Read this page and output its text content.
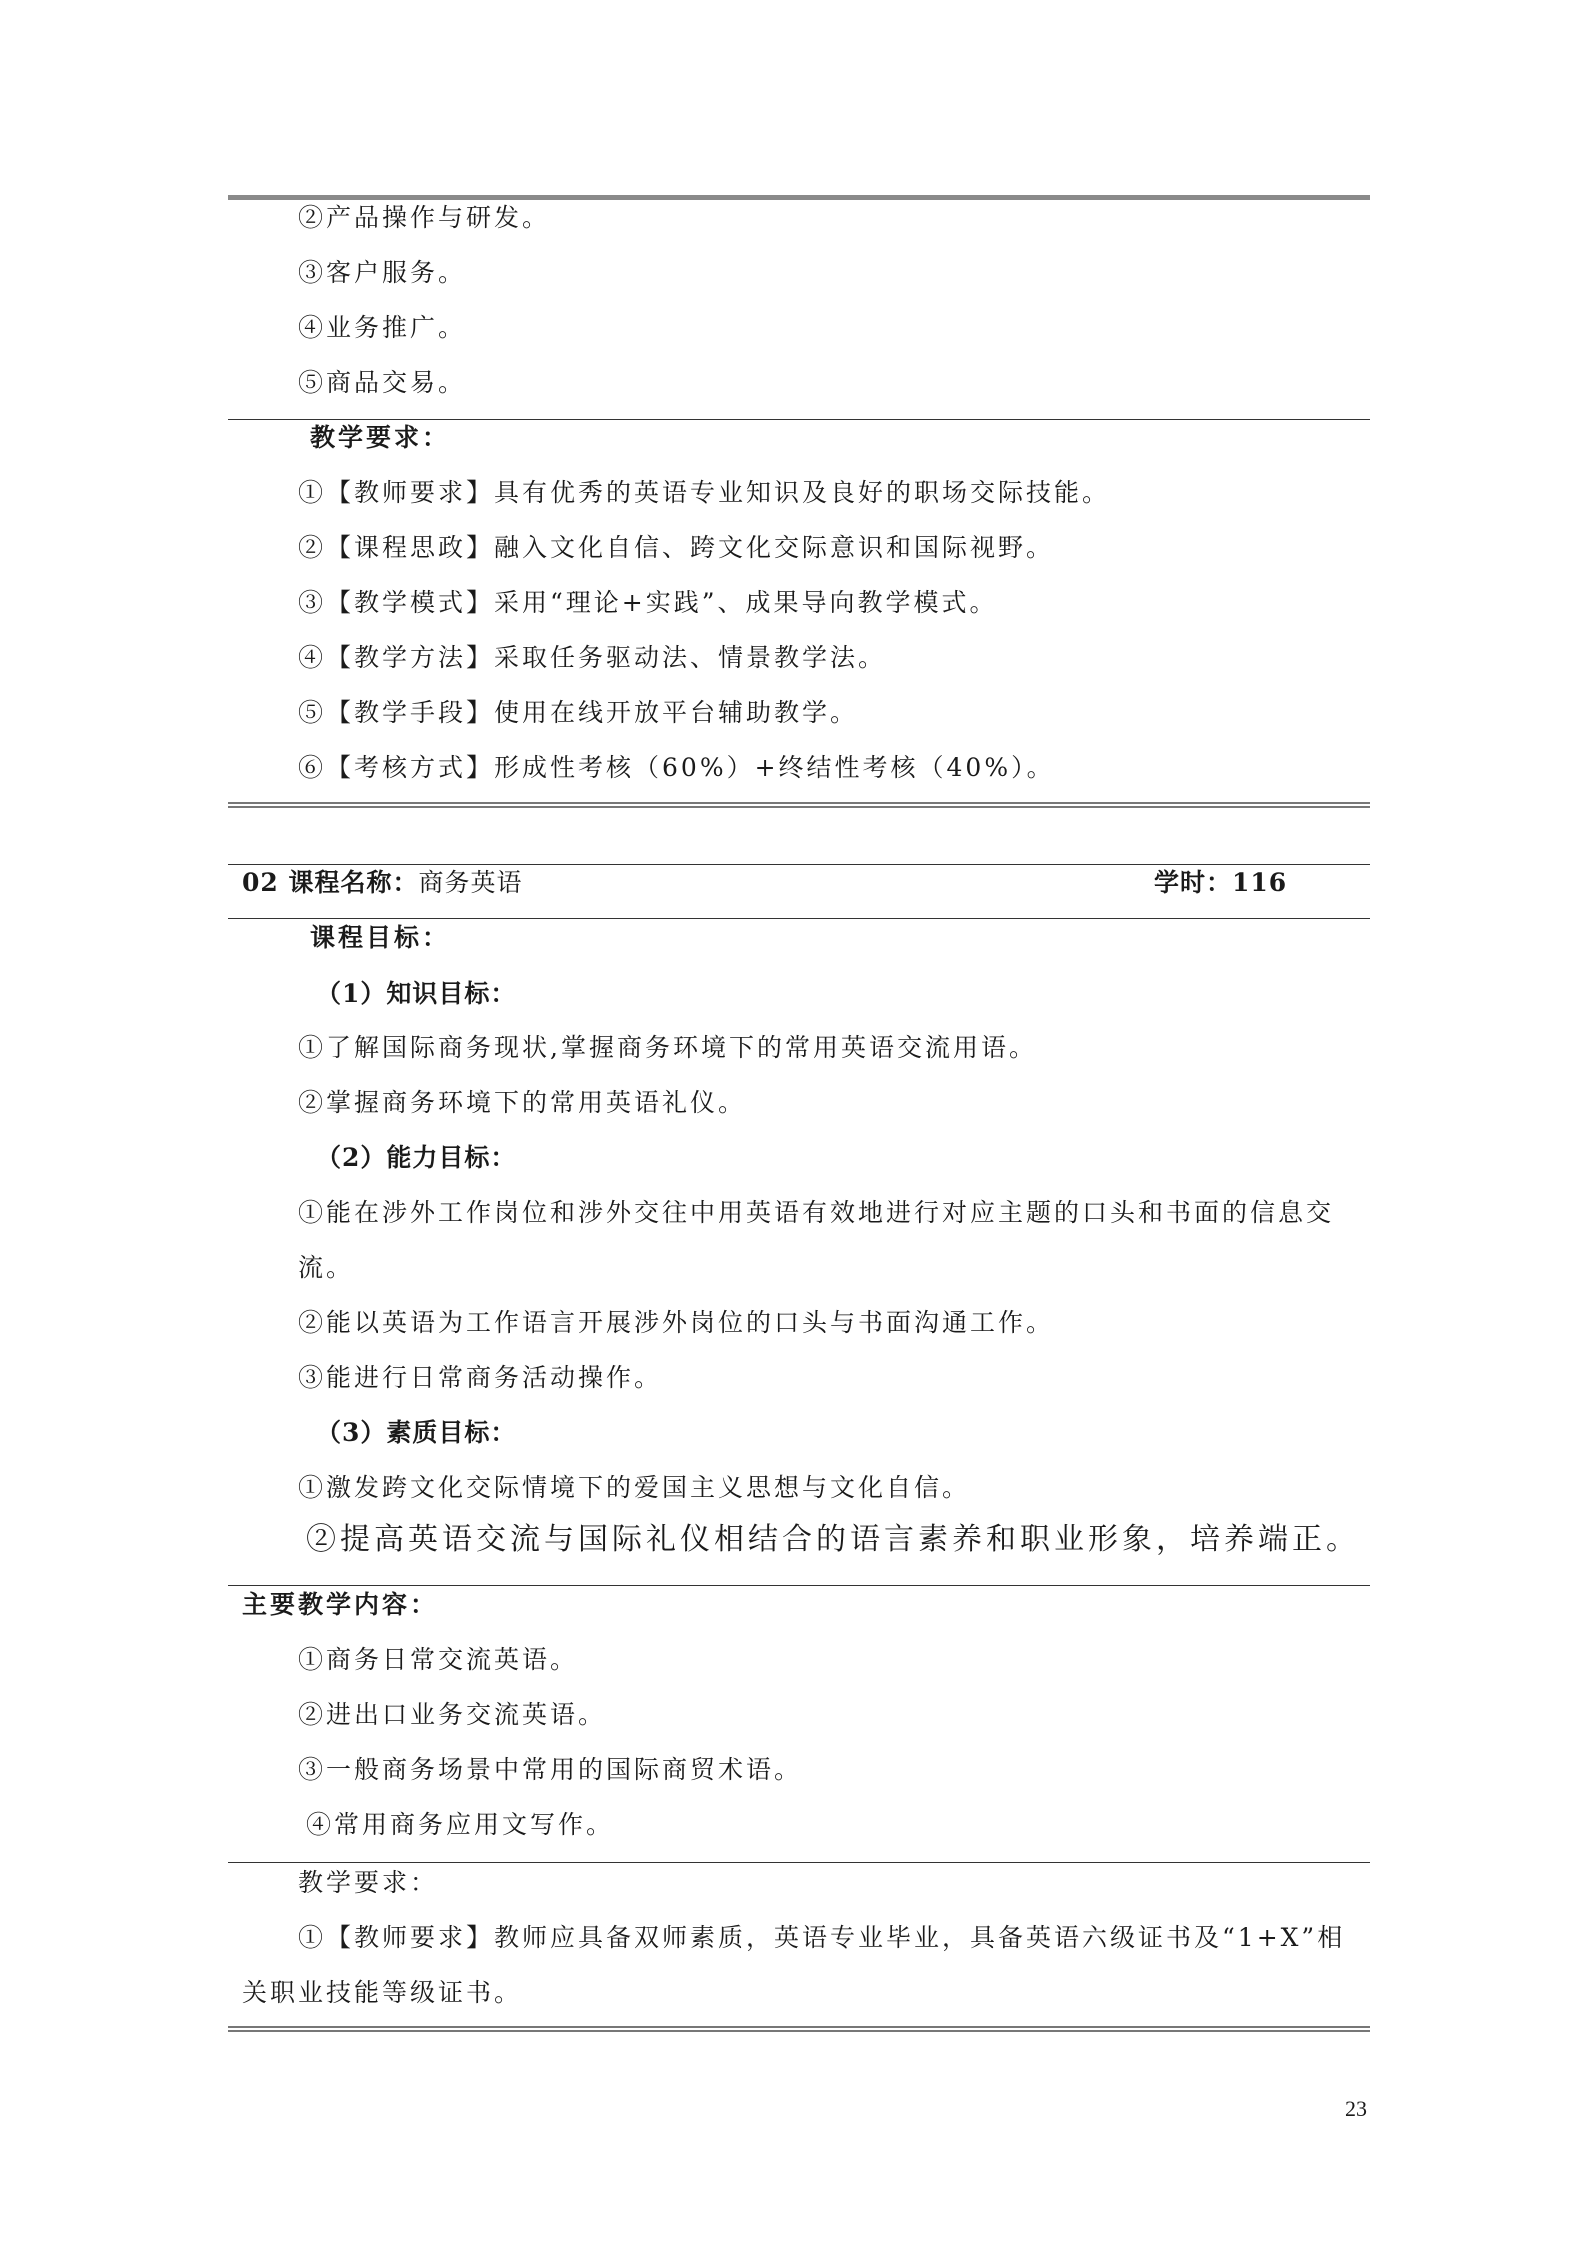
②产品操作与研发。
③客户服务。
④业务推广。
⑤商品交易。
教学要求：
①【教师要求】具有优秀的英语专业知识及良好的职场交际技能。
②【课程思政】融入文化自信、跨文化交际意识和国际视野。
③【教学模式】采用“理论+实践”、成果导向教学模式。
④【教学方法】采取任务驱动法、情景教学法。
⑤【教学手段】使用在线开放平台辅助教学。
⑥【考核方式】形成性考核（60%）+终结性考核（40%）。
02 课程名称：商务英语	学时：116
课程目标：
（1）知识目标：
①了解国际商务现状,掌握商务环境下的常用英语交流用语。
②掌握商务环境下的常用英语礼仪。
（2）能力目标：
①能在涉外工作岗位和涉外交往中用英语有效地进行对应主题的口头和书面的信息交
流。
②能以英语为工作语言开展涉外岗位的口头与书面沟通工作。
③能进行日常商务活动操作。
（3）素质目标：
①激发跨文化交际情境下的爱国主义思想与文化自信。
②提高英语交流与国际礼仪相结合的语言素养和职业形象，培养端正。
主要教学内容：
①商务日常交流英语。
②进出口业务交流英语。
③一般商务场景中常用的国际商贸术语。
④常用商务应用文写作。
教学要求：
①【教师要求】教师应具备双师素质，英语专业毕业，具备英语六级证书及“1+X”相
关职业技能等级证书。
23
